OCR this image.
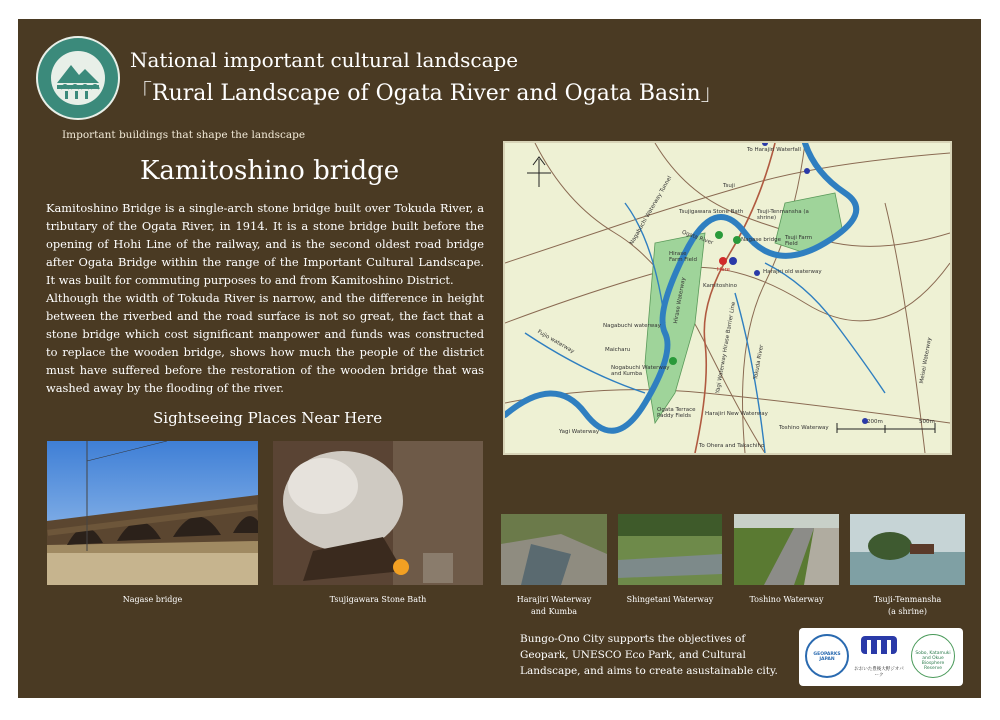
National important cultural landscape
「Rural Landscape of Ogata River and Ogata Basin」
Important buildings that shape the landscape
Kamitoshino bridge

Kamitoshino Bridge is a single-arch stone bridge built over Tokuda River, a tributary of the Ogata River, in 1914. It is a stone bridge built before the opening of Hohi Line of the railway, and is the second oldest road bridge after Ogata Bridge within the range of the Important Cultural Landscape. It was built for commuting purposes to and from Kamitoshino District.

Although the width of Tokuda River is narrow, and the difference in height between the riverbed and the road surface is not so great, the fact that a stone bridge which cost significant manpower and funds was constructed to replace the wooden bridge, shows how much the people of the district must have suffered before the restoration of the wooden bridge that was washed away by the flooding of the river.

Sightseeing Places Near Here
Nagase bridge	Tsujigawara Stone Bath	Harajiri Waterway
and Kumba
Shingetani Waterway	Toshino Waterway	Tsuji-Tenmansha
(a shrine)
To Harajiri Waterfall
Tsuji
Tsujigawara Stone Bath Tsuji-Tenmansha (a shrine)
Nagase bridge Tsuji Farm Field
Ogata River
Hirase Farm Field
Here	Harajiri old waterway
Kamitoshino
Nagabuchi Waterway Tunnel
Hirase Waterway
Nagabuchi waterway
Fujio waterway	Maicharu
Nogabuchi Waterway and Kumba
Yagi Waterway
Yagi Waterway Hirase Barrier Line	Tokuda River	Meisei Waterway
Harajiri New Waterway
Toshino Waterway
Ogata Terrace Paddy Fields
To Ohera and Takachiho
200m	500m
Bungo-Ono City supports the objectives of Geopark, UNESCO Eco Park, and Cultural Landscape, and aims to create asustainable city.
GEOPARKS JAPAN
おおいた豊後大野ジオパーク
Sobo, Katamuki and Okue Biosphere Reserve
